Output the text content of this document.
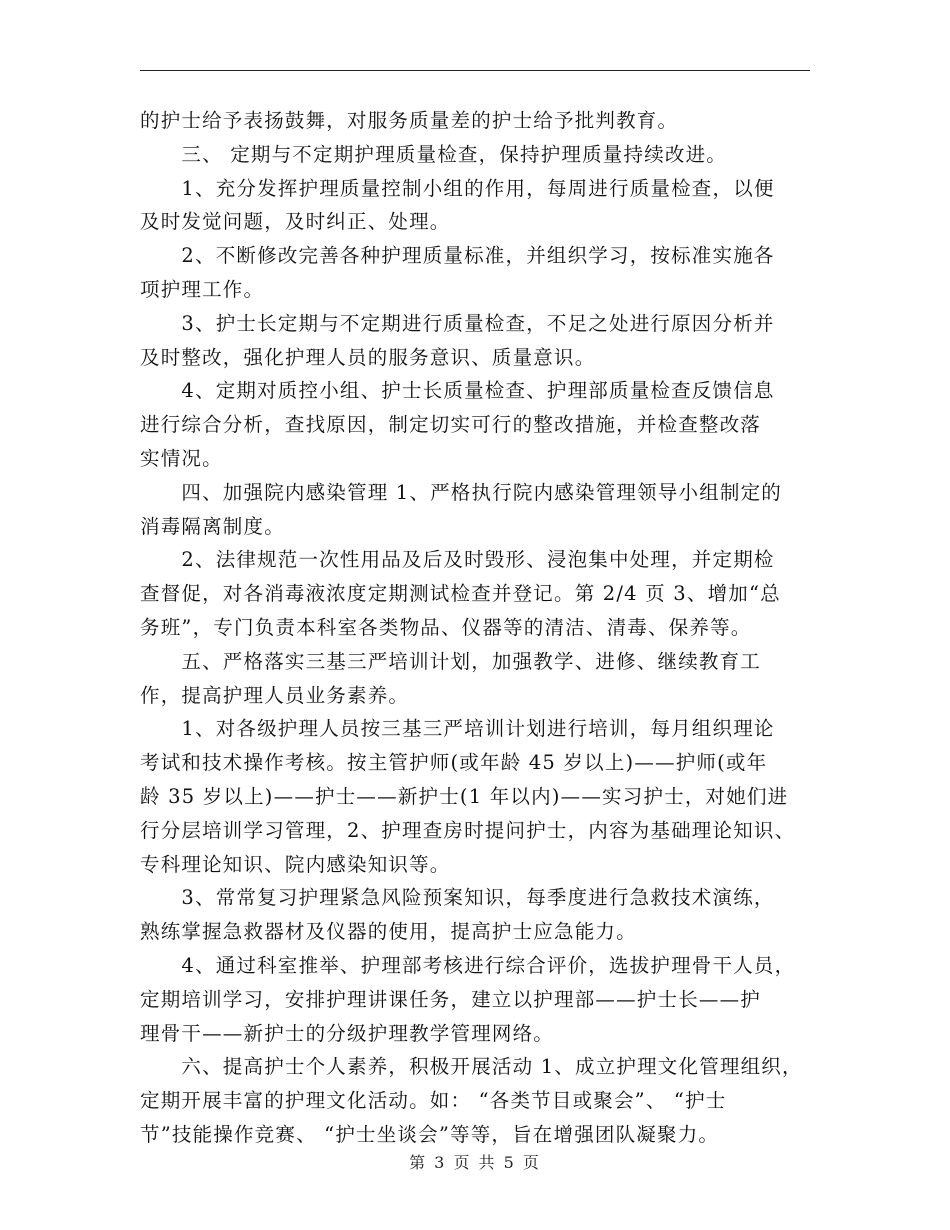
的护士给予表扬鼓舞，对服务质量差的护士给予批判教育。
　　三、 定期与不定期护理质量检查，保持护理质量持续改进。
　　1、充分发挥护理质量控制小组的作用，每周进行质量检查，以便
及时发觉问题，及时纠正、处理。
　　2、不断修改完善各种护理质量标准，并组织学习，按标准实施各
项护理工作。
　　3、护士长定期与不定期进行质量检查，不足之处进行原因分析并
及时整改，强化护理人员的服务意识、质量意识。
　　4、定期对质控小组、护士长质量检查、护理部质量检查反馈信息
进行综合分析，查找原因，制定切实可行的整改措施，并检查整改落
实情况。
　　四、加强院内感染管理 1、严格执行院内感染管理领导小组制定的
消毒隔离制度。
　　2、法律规范一次性用品及后及时毁形、浸泡集中处理，并定期检
查督促，对各消毒液浓度定期测试检查并登记。第 2/4 页 3、增加“总
务班”，专门负责本科室各类物品、仪器等的清洁、清毒、保养等。
　　五、严格落实三基三严培训计划，加强教学、进修、继续教育工
作，提高护理人员业务素养。
　　1、对各级护理人员按三基三严培训计划进行培训，每月组织理论
考试和技术操作考核。按主管护师(或年龄 45 岁以上)——护师(或年
龄 35 岁以上)——护士——新护士(1 年以内)——实习护士，对她们进
行分层培训学习管理，2、护理查房时提问护士，内容为基础理论知识、
专科理论知识、院内感染知识等。
　　3、常常复习护理紧急风险预案知识，每季度进行急救技术演练，
熟练掌握急救器材及仪器的使用，提高护士应急能力。
　　4、通过科室推举、护理部考核进行综合评价，选拔护理骨干人员，
定期培训学习，安排护理讲课任务，建立以护理部——护士长——护
理骨干——新护士的分级护理教学管理网络。
　　六、提高护士个人素养，积极开展活动 1、成立护理文化管理组织，
定期开展丰富的护理文化活动。如： “各类节目或聚会”、 “护士
节”技能操作竞赛、 “护士坐谈会”等等，旨在增强团队凝聚力。
第 3 页 共 5 页
